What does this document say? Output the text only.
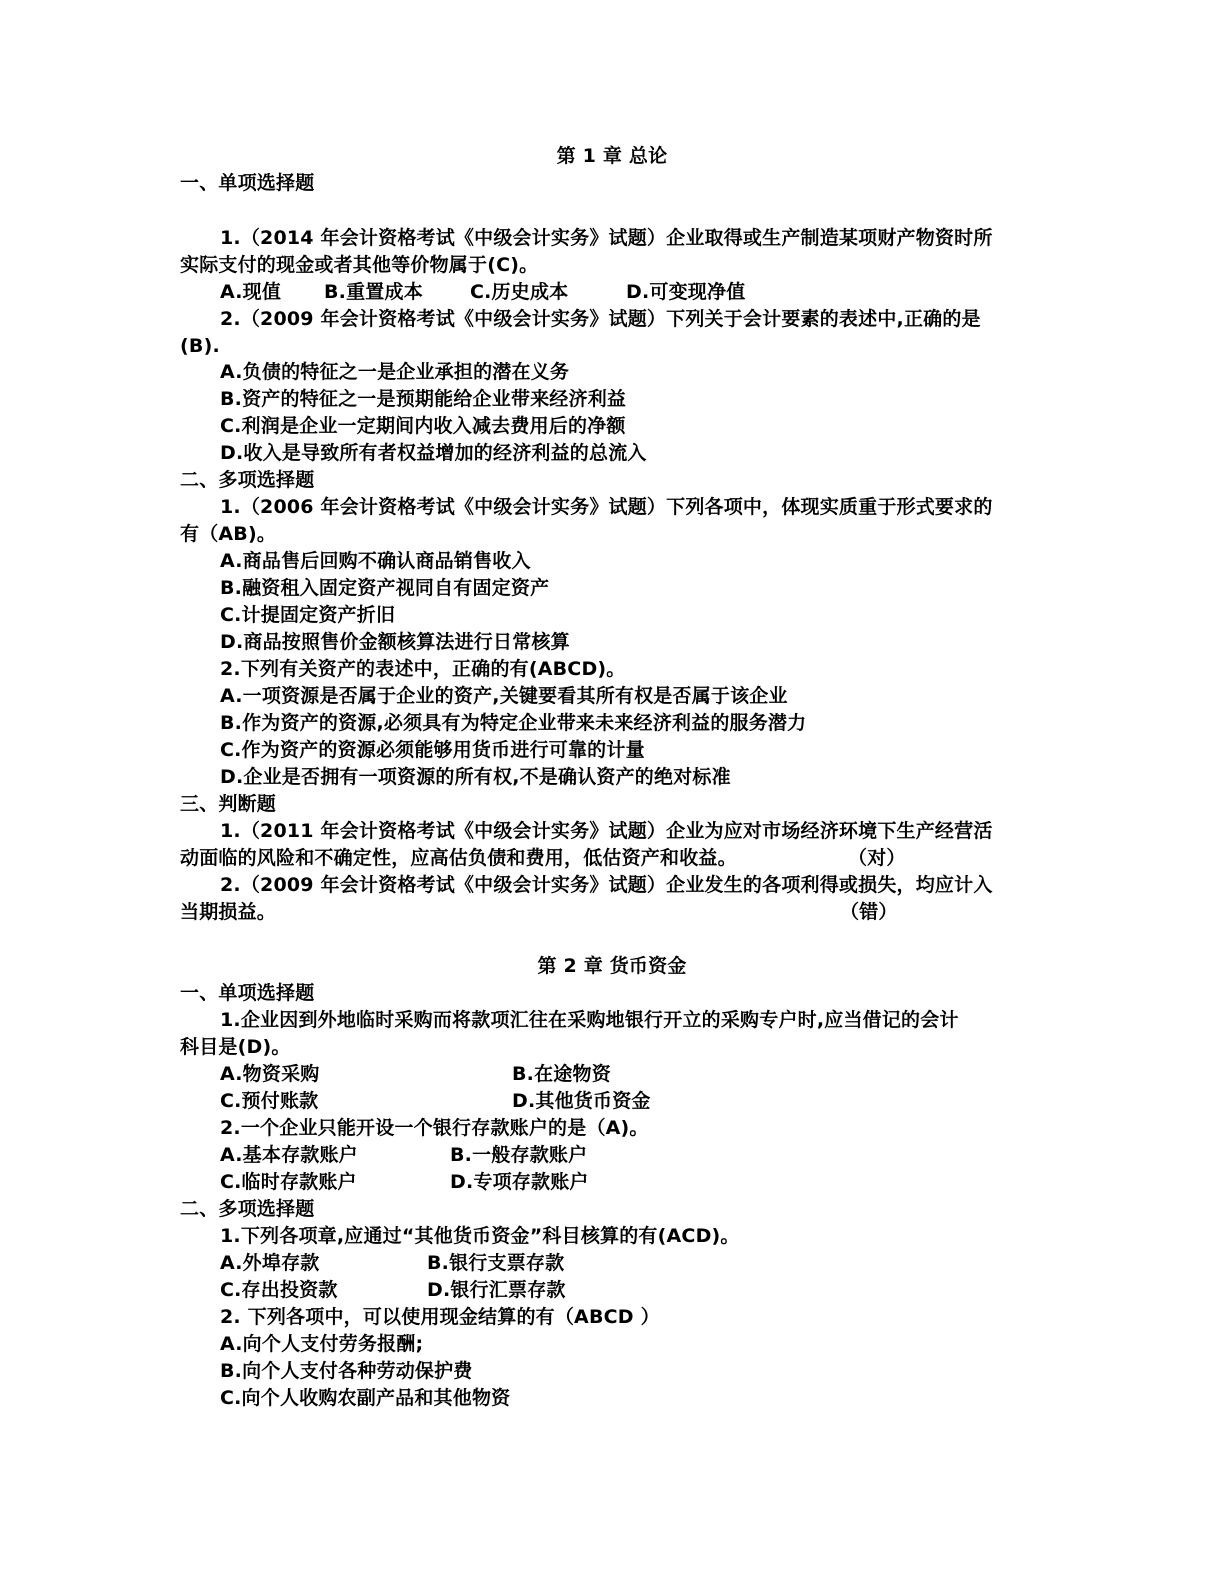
第 1 章 总论
一、单项选择题
1.（2014 年会计资格考试《中级会计实务》试题）企业取得或生产制造某项财产物资时所
实际支付的现金或者其他等价物属于(C)。
A.现值 B.重置成本 C.历史成本	D.可变现净值
2.（2009 年会计资格考试《中级会计实务》试题）下列关于会计要素的表述中,正确的是
(B).
A.负债的特征之一是企业承担的潜在义务
B.资产的特征之一是预期能给企业带来经济利益
C.利润是企业一定期间内收入减去费用后的净额
D.收入是导致所有者权益增加的经济利益的总流入
二、多项选择题
1.（2006 年会计资格考试《中级会计实务》试题）下列各项中，体现实质重于形式要求的
有（AB)。
A.商品售后回购不确认商品销售收入
B.融资租入固定资产视同自有固定资产
C.计提固定资产折旧
D.商品按照售价金额核算法进行日常核算
2.下列有关资产的表述中，正确的有(ABCD)。
A.一项资源是否属于企业的资产,关键要看其所有权是否属于该企业
B.作为资产的资源,必须具有为特定企业带来未来经济利益的服务潜力
C.作为资产的资源必须能够用货币进行可靠的计量
D.企业是否拥有一项资源的所有权,不是确认资产的绝对标准
三、判断题
1.（2011 年会计资格考试《中级会计实务》试题）企业为应对市场经济环境下生产经营活
动面临的风险和不确定性，应高估负债和费用，低估资产和收益。	（对）
2.（2009 年会计资格考试《中级会计实务》试题）企业发生的各项利得或损失，均应计入
当期损益。	（错）
第 2 章 货币资金
一、单项选择题
1.企业因到外地临时采购而将款项汇往在采购地银行开立的采购专户时,应当借记的会计
科目是(D)。
A.物资采购	B.在途物资
C.预付账款	D.其他货币资金
2.一个企业只能开设一个银行存款账户的是（A)。
A.基本存款账户	B.一般存款账户
C.临时存款账户	D.专项存款账户
二、多项选择题
1.下列各项章,应通过“其他货币资金”科目核算的有(ACD)。
A.外埠存款	B.银行支票存款
C.存出投资款	D.银行汇票存款
2. 下列各项中，可以使用现金结算的有（ABCD ）
A.向个人支付劳务报酬;
B.向个人支付各种劳动保护费
C.向个人收购农副产品和其他物资
